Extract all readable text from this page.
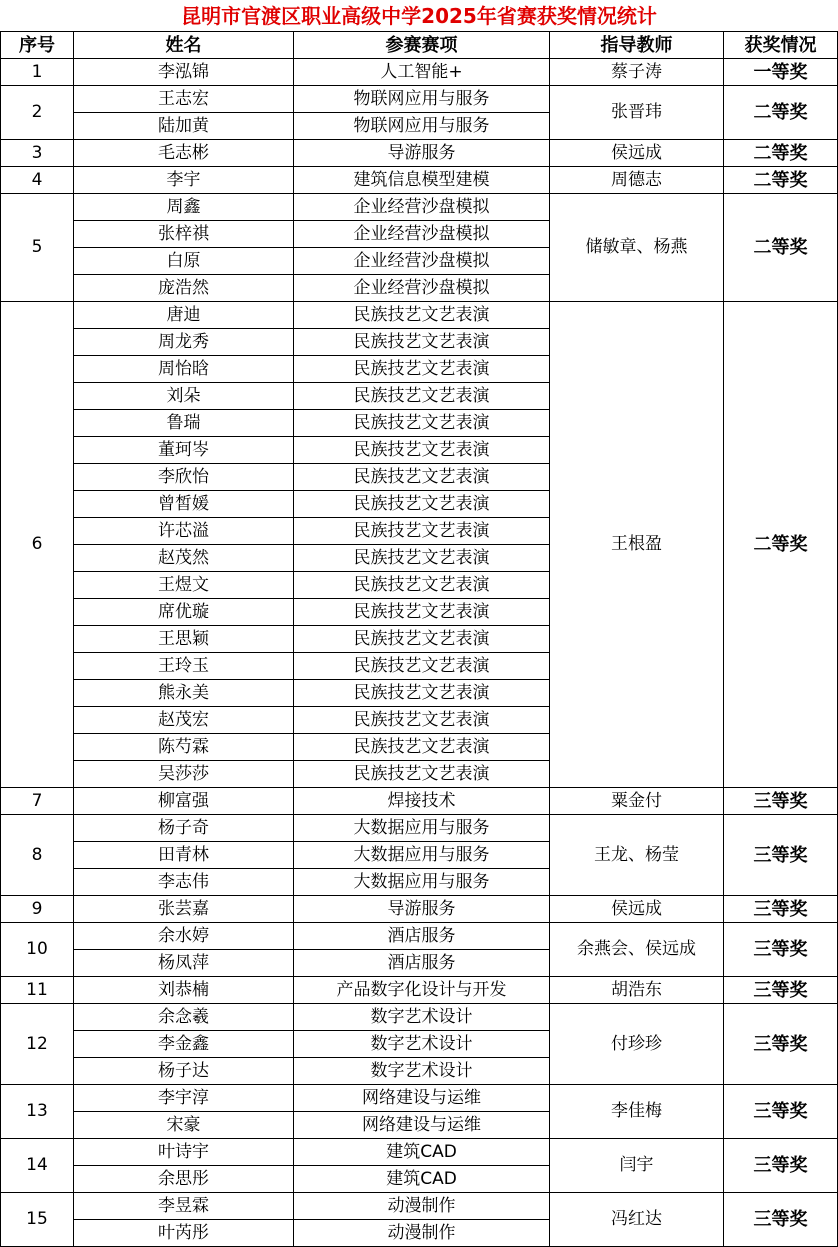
昆明市官渡区职业高级中学2025年省赛获奖情况统计
序号	姓名	参赛赛项	指导教师	获奖情况
1	李泓锦	人工智能+	蔡子涛	一等奖
2	王志宏	物联网应用与服务	张晋玮	二等奖
	陆加黄	物联网应用与服务		
3	毛志彬	导游服务	侯远成	二等奖
4	李宇	建筑信息模型建模	周德志	二等奖
5	周鑫	企业经营沙盘模拟	储敏章、杨燕	二等奖
	张梓祺	企业经营沙盘模拟		
	白原	企业经营沙盘模拟		
	庞浩然	企业经营沙盘模拟		
6	唐迪	民族技艺文艺表演	王根盈	二等奖
	周龙秀	民族技艺文艺表演		
	周怡晗	民族技艺文艺表演		
	刘朵	民族技艺文艺表演		
	鲁瑞	民族技艺文艺表演		
	董珂岑	民族技艺文艺表演		
	李欣怡	民族技艺文艺表演		
	曾皙媛	民族技艺文艺表演		
	许芯溢	民族技艺文艺表演		
	赵茂然	民族技艺文艺表演		
	王煜文	民族技艺文艺表演		
	席优璇	民族技艺文艺表演		
	王思颖	民族技艺文艺表演		
	王玲玉	民族技艺文艺表演		
	熊永美	民族技艺文艺表演		
	赵茂宏	民族技艺文艺表演		
	陈芍霖	民族技艺文艺表演		
	吴莎莎	民族技艺文艺表演		
7	柳富强	焊接技术	粟金付	三等奖
8	杨子奇	大数据应用与服务	王龙、杨莹	三等奖
	田青林	大数据应用与服务		
	李志伟	大数据应用与服务		
9	张芸嘉	导游服务	侯远成	三等奖
10	余水婷	酒店服务	余燕会、侯远成	三等奖
	杨凤萍	酒店服务		
11	刘恭楠	产品数字化设计与开发	胡浩东	三等奖
12	余念羲	数字艺术设计	付珍珍	三等奖
	李金鑫	数字艺术设计		
	杨子达	数字艺术设计		
13	李宇淳	网络建设与运维	李佳梅	三等奖
	宋豪	网络建设与运维		
14	叶诗宇	建筑CAD	闫宇	三等奖
	余思彤	建筑CAD		
15	李昱霖	动漫制作	冯红达	三等奖
	叶芮彤	动漫制作		
